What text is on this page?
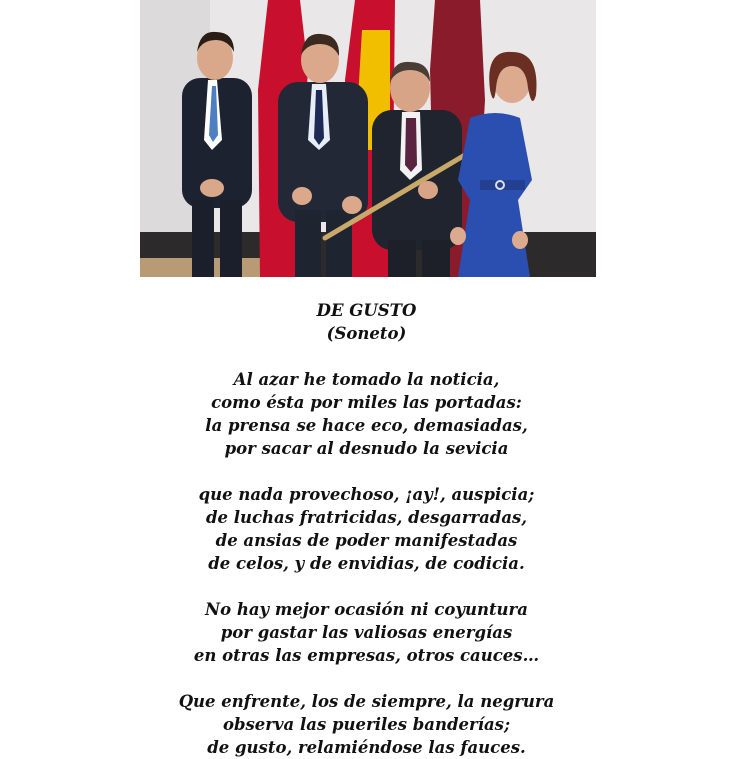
DE GUSTO
(Soneto)
Al azar he tomado la noticia,
como ésta por miles las portadas:
la prensa se hace eco, demasiadas,
por sacar al desnudo la sevicia
que nada provechoso, ¡ay!, auspicia;
de luchas fratricidas, desgarradas,
de ansias de poder manifestadas
de celos, y de envidias, de codicia.
No hay mejor ocasión ni coyuntura
por gastar las valiosas energías
en otras las empresas, otros cauces…
Que enfrente, los de siempre, la negrura
observa las pueriles banderías;
de gusto, relamiéndose las fauces.
